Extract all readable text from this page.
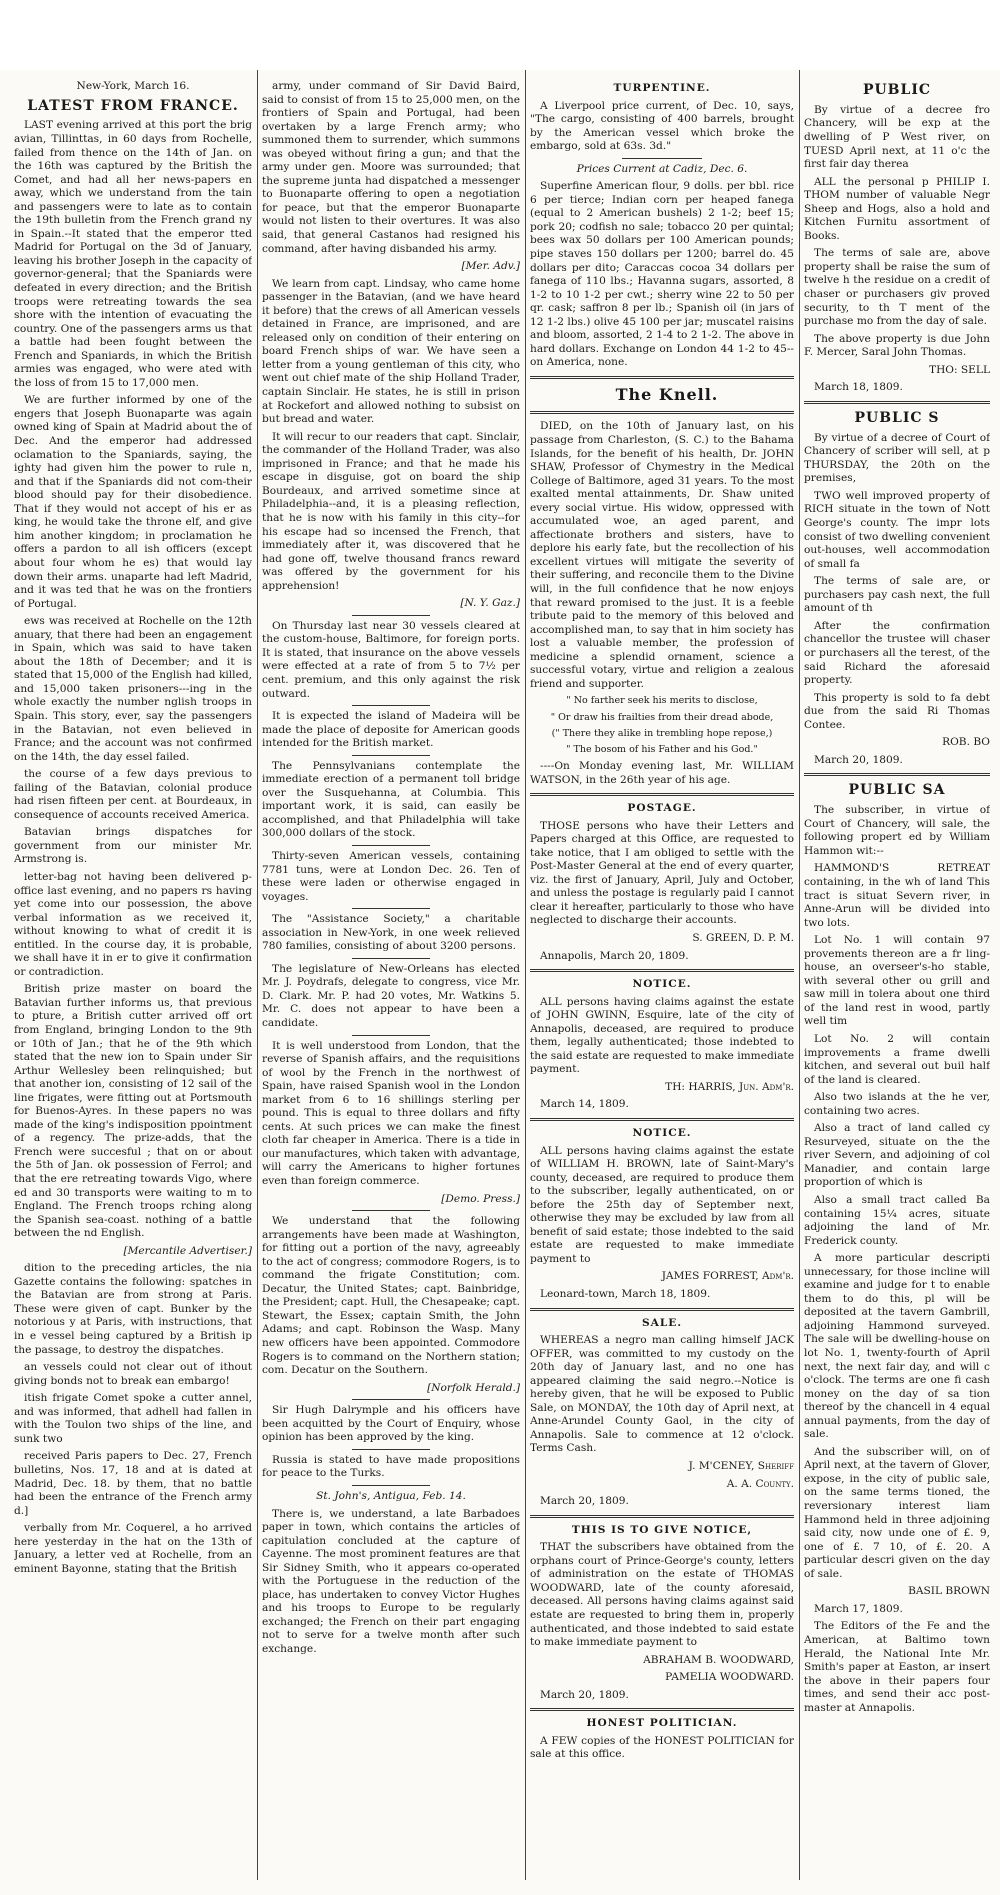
New-York, March 16.

LATEST FROM FRANCE.

LAST evening arrived at this port the brig avian, Tillinttas, in 60 days from Rochelle, failed from thence on the 14th of Jan. on the 16th was captured by the British the Comet, and had all her news-papers en away, which we understand from the tain and passengers were to late as to contain the 19th bulletin from the French grand ny in Spain.--It stated that the emperor tted Madrid for Portugal on the 3d of January, leaving his brother Joseph in the capacity of governor-general; that the Spaniards were defeated in every direction; and the British troops were retreating towards the sea shore with the intention of evacuating the country. One of the passengers arms us that a battle had been fought between the French and Spaniards, in which the British armies was engaged, who were ated with the loss of from 15 to 17,000 men.

We are further informed by one of the engers that Joseph Buonaparte was again owned king of Spain at Madrid about the of Dec. And the emperor had addressed oclamation to the Spaniards, saying, the ighty had given him the power to rule n, and that if the Spaniards did not com-their blood should pay for their disobedience. That if they would not accept of his er as king, he would take the throne elf, and give him another kingdom; in proclamation he offers a pardon to all ish officers (except about four whom he es) that would lay down their arms. unaparte had left Madrid, and it was ted that he was on the frontiers of Portugal.

ews was received at Rochelle on the 12th anuary, that there had been an engagement in Spain, which was said to have taken about the 18th of December; and it is stated that 15,000 of the English had killed, and 15,000 taken prisoners---ing in the whole exactly the number nglish troops in Spain. This story, ever, say the passengers in the Batavian, not even believed in France; and the account was not confirmed on the 14th, the day essel failed.

the course of a few days previous to failing of the Batavian, colonial produce had risen fifteen per cent. at Bourdeaux, in consequence of accounts received America.

Batavian brings dispatches for government from our minister Mr. Armstrong is.

letter-bag not having been delivered p-office last evening, and no papers rs having yet come into our possession, the above verbal information as we received it, without knowing to what of credit it is entitled. In the course day, it is probable, we shall have it in er to give it confirmation or contradiction.

British prize master on board the Batavian further informs us, that previous to pture, a British cutter arrived off ort from England, bringing London to the 9th or 10th of Jan.; that he of the 9th which stated that the new ion to Spain under Sir Arthur Wellesley been relinquished; but that another ion, consisting of 12 sail of the line frigates, were fitting out at Portsmouth for Buenos-Ayres. In these papers no was made of the king's indisposition ppointment of a regency. The prize-adds, that the French were succesful ; that on or about the 5th of Jan. ok possession of Ferrol; and that the ere retreating towards Vigo, where ed and 30 transports were waiting to m to England. The French troops rching along the Spanish sea-coast. nothing of a battle between the nd English.

[Mercantile Advertiser.]

dition to the preceding articles, the nia Gazette contains the following: spatches in the Batavian are from strong at Paris. These were given of capt. Bunker by the notorious y at Paris, with instructions, that in e vessel being captured by a British ip the passage, to destroy the dispatches.

an vessels could not clear out of ithout giving bonds not to break ean embargo!

itish frigate Comet spoke a cutter annel, and was informed, that adhell had fallen in with the Toulon two ships of the line, and sunk two

received Paris papers to Dec. 27, French bulletins, Nos. 17, 18 and at is dated at Madrid, Dec. 18. by them, that no battle had been the entrance of the French army d.]

verbally from Mr. Coquerel, a ho arrived here yesterday in the hat on the 13th of January, a letter ved at Rochelle, from an eminent Bayonne, stating that the British

army, under command of Sir David Baird, said to consist of from 15 to 25,000 men, on the frontiers of Spain and Portugal, had been overtaken by a large French army; who summoned them to surrender, which summons was obeyed without firing a gun; and that the army under gen. Moore was surrounded; that the supreme junta had dispatched a messenger to Buonaparte offering to open a negotiation for peace, but that the emperor Buonaparte would not listen to their overtures. It was also said, that general Castanos had resigned his command, after having disbanded his army.

[Mer. Adv.]

We learn from capt. Lindsay, who came home passenger in the Batavian, (and we have heard it before) that the crews of all American vessels detained in France, are imprisoned, and are released only on condition of their entering on board French ships of war. We have seen a letter from a young gentleman of this city, who went out chief mate of the ship Holland Trader, captain Sinclair. He states, he is still in prison at Rockefort and allowed nothing to subsist on but bread and water.

It will recur to our readers that capt. Sinclair, the commander of the Holland Trader, was also imprisoned in France; and that he made his escape in disguise, got on board the ship Bourdeaux, and arrived sometime since at Philadelphia--and, it is a pleasing reflection, that he is now with his family in this city--for his escape had so incensed the French, that immediately after it, was discovered that he had gone off, twelve thousand francs reward was offered by the government for his apprehension!

[N. Y. Gaz.]

On Thursday last near 30 vessels cleared at the custom-house, Baltimore, for foreign ports. It is stated, that insurance on the above vessels were effected at a rate of from 5 to 7½ per cent. premium, and this only against the risk outward.

It is expected the island of Madeira will be made the place of deposite for American goods intended for the British market.

The Pennsylvanians contemplate the immediate erection of a permanent toll bridge over the Susquehanna, at Columbia. This important work, it is said, can easily be accomplished, and that Philadelphia will take 300,000 dollars of the stock.

Thirty-seven American vessels, containing 7781 tuns, were at London Dec. 26. Ten of these were laden or otherwise engaged in voyages.

The "Assistance Society," a charitable association in New-York, in one week relieved 780 families, consisting of about 3200 persons.

The legislature of New-Orleans has elected Mr. J. Poydrafs, delegate to congress, vice Mr. D. Clark. Mr. P. had 20 votes, Mr. Watkins 5. Mr. C. does not appear to have been a candidate.

It is well understood from London, that the reverse of Spanish affairs, and the requisitions of wool by the French in the northwest of Spain, have raised Spanish wool in the London market from 6 to 16 shillings sterling per pound. This is equal to three dollars and fifty cents. At such prices we can make the finest cloth far cheaper in America. There is a tide in our manufactures, which taken with advantage, will carry the Americans to higher fortunes even than foreign commerce.

[Demo. Press.]

We understand that the following arrangements have been made at Washington, for fitting out a portion of the navy, agreeably to the act of congress; commodore Rogers, is to command the frigate Constitution; com. Decatur, the United States; capt. Bainbridge, the President; capt. Hull, the Chesapeake; capt. Stewart, the Essex; captain Smith, the John Adams; and capt. Robinson the Wasp. Many new officers have been appointed. Commodore Rogers is to command on the Northern station; com. Decatur on the Southern.

[Norfolk Herald.]

Sir Hugh Dalrymple and his officers have been acquitted by the Court of Enquiry, whose opinion has been approved by the king.

Russia is stated to have made propositions for peace to the Turks.

St. John's, Antigua, Feb. 14.

There is, we understand, a late Barbadoes paper in town, which contains the articles of capitulation concluded at the capture of Cayenne. The most prominent features are that Sir Sidney Smith, who it appears co-operated with the Portuguese in the reduction of the place, has undertaken to convey Victor Hughes and his troops to Europe to be regularly exchanged; the French on their part engaging not to serve for a twelve month after such exchange.

TURPENTINE.

A Liverpool price current, of Dec. 10, says, "The cargo, consisting of 400 barrels, brought by the American vessel which broke the embargo, sold at 63s. 3d."

Prices Current at Cadiz, Dec. 6.

Superfine American flour, 9 dolls. per bbl. rice 6 per tierce; Indian corn per heaped fanega (equal to 2 American bushels) 2 1-2; beef 15; pork 20; codfish no sale; tobacco 20 per quintal; bees wax 50 dollars per 100 American pounds; pipe staves 150 dollars per 1200; barrel do. 45 dollars per dito; Caraccas cocoa 34 dollars per fanega of 110 lbs.; Havanna sugars, assorted, 8 1-2 to 10 1-2 per cwt.; sherry wine 22 to 50 per qr. cask; saffron 8 per lb.; Spanish oil (in jars of 12 1-2 lbs.) olive 45 100 per jar; muscatel raisins and bloom, assorted, 2 1-4 to 2 1-2. The above in hard dollars. Exchange on London 44 1-2 to 45--on America, none.

The Knell.

DIED, on the 10th of January last, on his passage from Charleston, (S. C.) to the Bahama Islands, for the benefit of his health, Dr. JOHN SHAW, Professor of Chymestry in the Medical College of Baltimore, aged 31 years. To the most exalted mental attainments, Dr. Shaw united every social virtue. His widow, oppressed with accumulated woe, an aged parent, and affectionate brothers and sisters, have to deplore his early fate, but the recollection of his excellent virtues will mitigate the severity of their suffering, and reconcile them to the Divine will, in the full confidence that he now enjoys that reward promised to the just. It is a feeble tribute paid to the memory of this beloved and accomplished man, to say that in him society has lost a valuable member, the profession of medicine a splendid ornament, science a successful votary, virtue and religion a zealous friend and supporter.

" No farther seek his merits to disclose,

" Or draw his frailties from their dread abode,

(" There they alike in trembling hope repose,)

" The bosom of his Father and his God."

----On Monday evening last, Mr. WILLIAM WATSON, in the 26th year of his age.

POSTAGE.

THOSE persons who have their Letters and Papers charged at this Office, are requested to take notice, that I am obliged to settle with the Post-Master General at the end of every quarter, viz. the first of January, April, July and October, and unless the postage is regularly paid I cannot clear it hereafter, particularly to those who have neglected to discharge their accounts.

S. GREEN, D. P. M.

Annapolis, March 20, 1809.

NOTICE.

ALL persons having claims against the estate of JOHN GWINN, Esquire, late of the city of Annapolis, deceased, are required to produce them, legally authenticated; those indebted to the said estate are requested to make immediate payment.

TH: HARRIS, Jun. Adm'r.

March 14, 1809.

NOTICE.

ALL persons having claims against the estate of WILLIAM H. BROWN, late of Saint-Mary's county, deceased, are required to produce them to the subscriber, legally authenticated, on or before the 25th day of September next, otherwise they may be excluded by law from all benefit of said estate; those indebted to the said estate are requested to make immediate payment to

JAMES FORREST, Adm'r.

Leonard-town, March 18, 1809.

SALE.

WHEREAS a negro man calling himself JACK OFFER, was committed to my custody on the 20th day of January last, and no one has appeared claiming the said negro.--Notice is hereby given, that he will be exposed to Public Sale, on MONDAY, the 10th day of April next, at Anne-Arundel County Gaol, in the city of Annapolis. Sale to commence at 12 o'clock. Terms Cash.

J. M'CENEY, Sheriff

A. A. County.

March 20, 1809.

THIS IS TO GIVE NOTICE,

THAT the subscribers have obtained from the orphans court of Prince-George's county, letters of administration on the estate of THOMAS WOODWARD, late of the county aforesaid, deceased. All persons having claims against said estate are requested to bring them in, properly authenticated, and those indebted to said estate to make immediate payment to

ABRAHAM B. WOODWARD,

PAMELIA WOODWARD.

March 20, 1809.

HONEST POLITICIAN.

A FEW copies of the HONEST POLITICIAN for sale at this office.

PUBLIC

By virtue of a decree fro Chancery, will be exp at the dwelling of P West river, on TUESD April next, at 11 o'c the first fair day therea

ALL the personal p PHILIP I. THOM number of valuable Negr Sheep and Hogs, also a hold and Kitchen Furnitu assortment of Books.

The terms of sale are, above property shall be raise the sum of twelve h the residue on a credit of chaser or purchasers giv proved security, to th T ment of the purchase mo from the day of sale.

The above property is due John F. Mercer, Saral John Thomas.

THO: SELL

March 18, 1809.

PUBLIC S

By virtue of a decree of Court of Chancery of scriber will sell, at p THURSDAY, the 20th on the premises,

TWO well improved property of RICH situate in the town of Nott George's county. The impr lots consist of two dwelling convenient out-houses, well accommodation of small fa

The terms of sale are, or purchasers pay cash next, the full amount of th

After the confirmation chancellor the trustee will chaser or purchasers all the terest, of the said Richard the aforesaid property.

This property is sold to fa debt due from the said Ri Thomas Contee.

ROB. BO

March 20, 1809.

PUBLIC SA

The subscriber, in virtue of Court of Chancery, will sale, the following propert ed by William Hammon wit:--

HAMMOND'S RETREAT containing, in the wh of land This tract is situat Severn river, in Anne-Arun will be divided into two lots.

Lot No. 1 will contain 97 provements thereon are a fr ling-house, an overseer's-ho stable, with several other ou grill and saw mill in tolera about one third of the land rest in wood, partly well tim

Lot No. 2 will contain improvements a frame dwelli kitchen, and several out buil half of the land is cleared.

Also two islands at the he ver, containing two acres.

Also a tract of land called cy Resurveyed, situate on the the river Severn, and adjoining of col Manadier, and contain large proportion of which is

Also a small tract called Ba containing 15¼ acres, situate adjoining the land of Mr. Frederick county.

A more particular descripti unnecessary, for those incline will examine and judge for t to enable them to do this, pl will be deposited at the tavern Gambrill, adjoining Hammond surveyed. The sale will be dwelling-house on lot No. 1, twenty-fourth of April next, the next fair day, and will c o'clock. The terms are one fi cash money on the day of sa tion thereof by the chancell in 4 equal annual payments, from the day of sale.

And the subscriber will, on of April next, at the tavern of Glover, expose, in the city of public sale, on the same terms tioned, the reversionary interest liam Hammond held in three adjoining said city, now unde one of £. 9, one of £. 7 10, of £. 20. A particular descri given on the day of sale.

BASIL BROWN

March 17, 1809.

The Editors of the Fe and the American, at Baltimo town Herald, the National Inte Mr. Smith's paper at Easton, ar insert the above in their papers four times, and send their acc post-master at Annapolis.
